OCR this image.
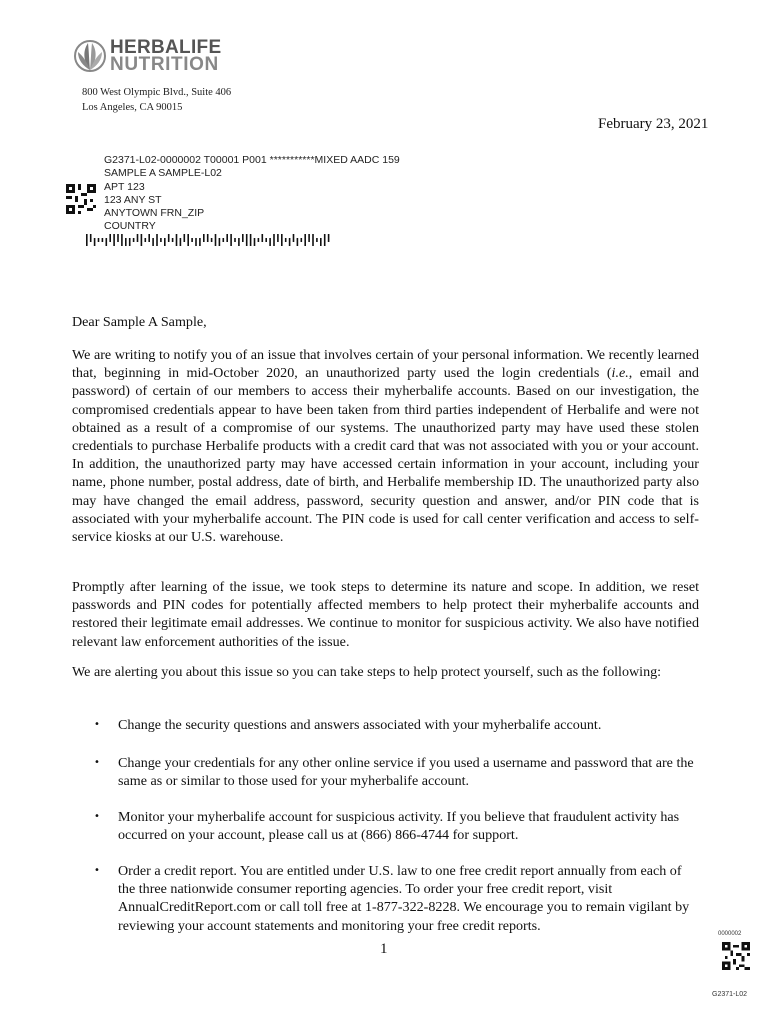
HERBALIFE
NUTRITION
800 West Olympic Blvd., Suite 406
Los Angeles, CA 90015
February 23, 2021
G2371-L02-0000002 T00001 P001 ***********MIXED AADC 159
SAMPLE A SAMPLE-L02
APT 123
123 ANY ST
ANYTOWN FRN_ZIP
COUNTRY

Dear Sample A Sample,

We are writing to notify you of an issue that involves certain of your personal information. We recently learned that, beginning in mid-October 2020, an unauthorized party used the login credentials (i.e., email and password) of certain of our members to access their myherbalife accounts. Based on our investigation, the compromised credentials appear to have been taken from third parties independent of Herbalife and were not obtained as a result of a compromise of our systems. The unauthorized party may have used these stolen credentials to purchase Herbalife products with a credit card that was not associated with you or your account. In addition, the unauthorized party may have accessed certain information in your account, including your name, phone number, postal address, date of birth, and Herbalife membership ID. The unauthorized party also may have changed the email address, password, security question and answer, and/or PIN code that is associated with your myherbalife account. The PIN code is used for call center verification and access to self-service kiosks at our U.S. warehouse.

Promptly after learning of the issue, we took steps to determine its nature and scope. In addition, we reset passwords and PIN codes for potentially affected members to help protect their myherbalife accounts and restored their legitimate email addresses. We continue to monitor for suspicious activity. We also have notified relevant law enforcement authorities of the issue.

We are alerting you about this issue so you can take steps to help protect yourself, such as the following:

•	Change the security questions and answers associated with your myherbalife account.
•	Change your credentials for any other online service if you used a username and password that are the same as or similar to those used for your myherbalife account.
•	Monitor your myherbalife account for suspicious activity. If you believe that fraudulent activity has occurred on your account, please call us at (866) 866-4744 for support.
•	Order a credit report. You are entitled under U.S. law to one free credit report annually from each of the three nationwide consumer reporting agencies. To order your free credit report, visit AnnualCreditReport.com or call toll free at 1-877-322-8228. We encourage you to remain vigilant by reviewing your account statements and monitoring your free credit reports.
1
0000002
G2371-L02
